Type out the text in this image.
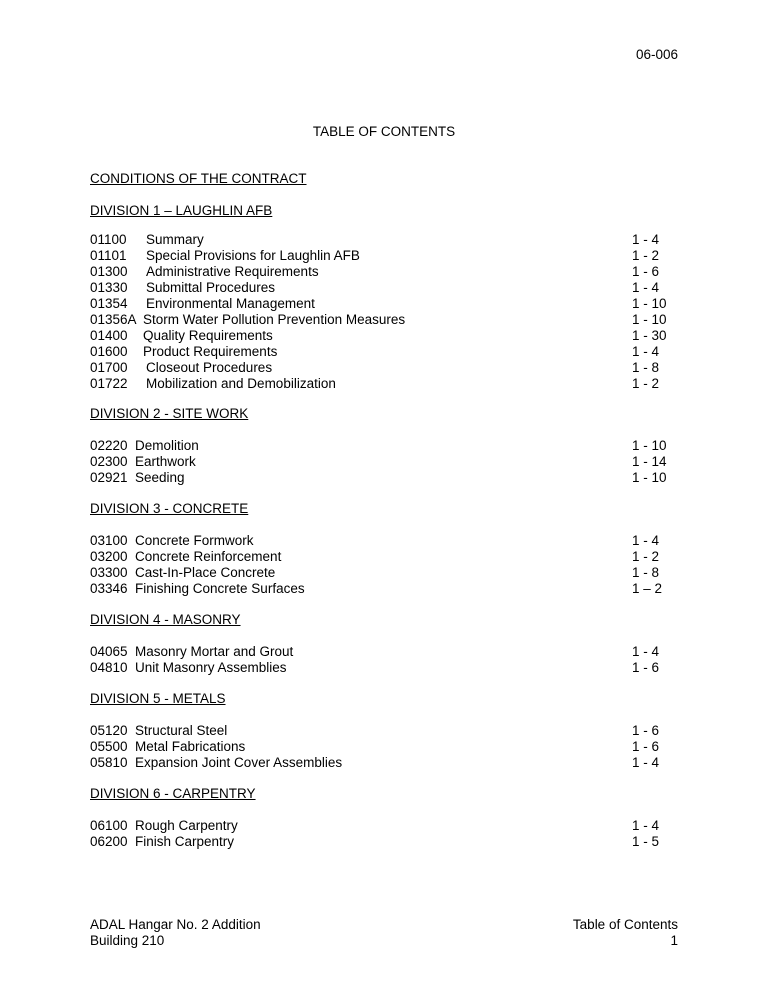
06-006
TABLE OF CONTENTS
CONDITIONS OF THE CONTRACT
DIVISION 1 – LAUGHLIN AFB
01100 Summary	1 - 4
01101 Special Provisions for Laughlin AFB	1 - 2
01300 Administrative Requirements	1 - 6
01330 Submittal Procedures	1 - 4
01354 Environmental Management	1 - 10
01356A Storm Water Pollution Prevention Measures	1 - 10
01400 Quality Requirements	1 - 30
01600 Product Requirements	1 - 4
01700 Closeout Procedures	1 - 8
01722 Mobilization and Demobilization	1 - 2
DIVISION 2 - SITE WORK
02220 Demolition	1 - 10
02300 Earthwork	1 - 14
02921 Seeding	1 - 10
DIVISION 3 - CONCRETE
03100 Concrete Formwork	1 - 4
03200 Concrete Reinforcement	1 - 2
03300 Cast-In-Place Concrete	1 - 8
03346 Finishing Concrete Surfaces	1 – 2
DIVISION 4 - MASONRY
04065 Masonry Mortar and Grout	1 - 4
04810 Unit Masonry Assemblies	1 - 6
DIVISION 5 - METALS
05120 Structural Steel	1 - 6
05500 Metal Fabrications	1 - 6
05810 Expansion Joint Cover Assemblies	1 - 4
DIVISION 6 - CARPENTRY
06100 Rough Carpentry	1 - 4
06200 Finish Carpentry	1 - 5
ADAL Hangar No. 2 Addition
Building 210
Table of Contents
1
